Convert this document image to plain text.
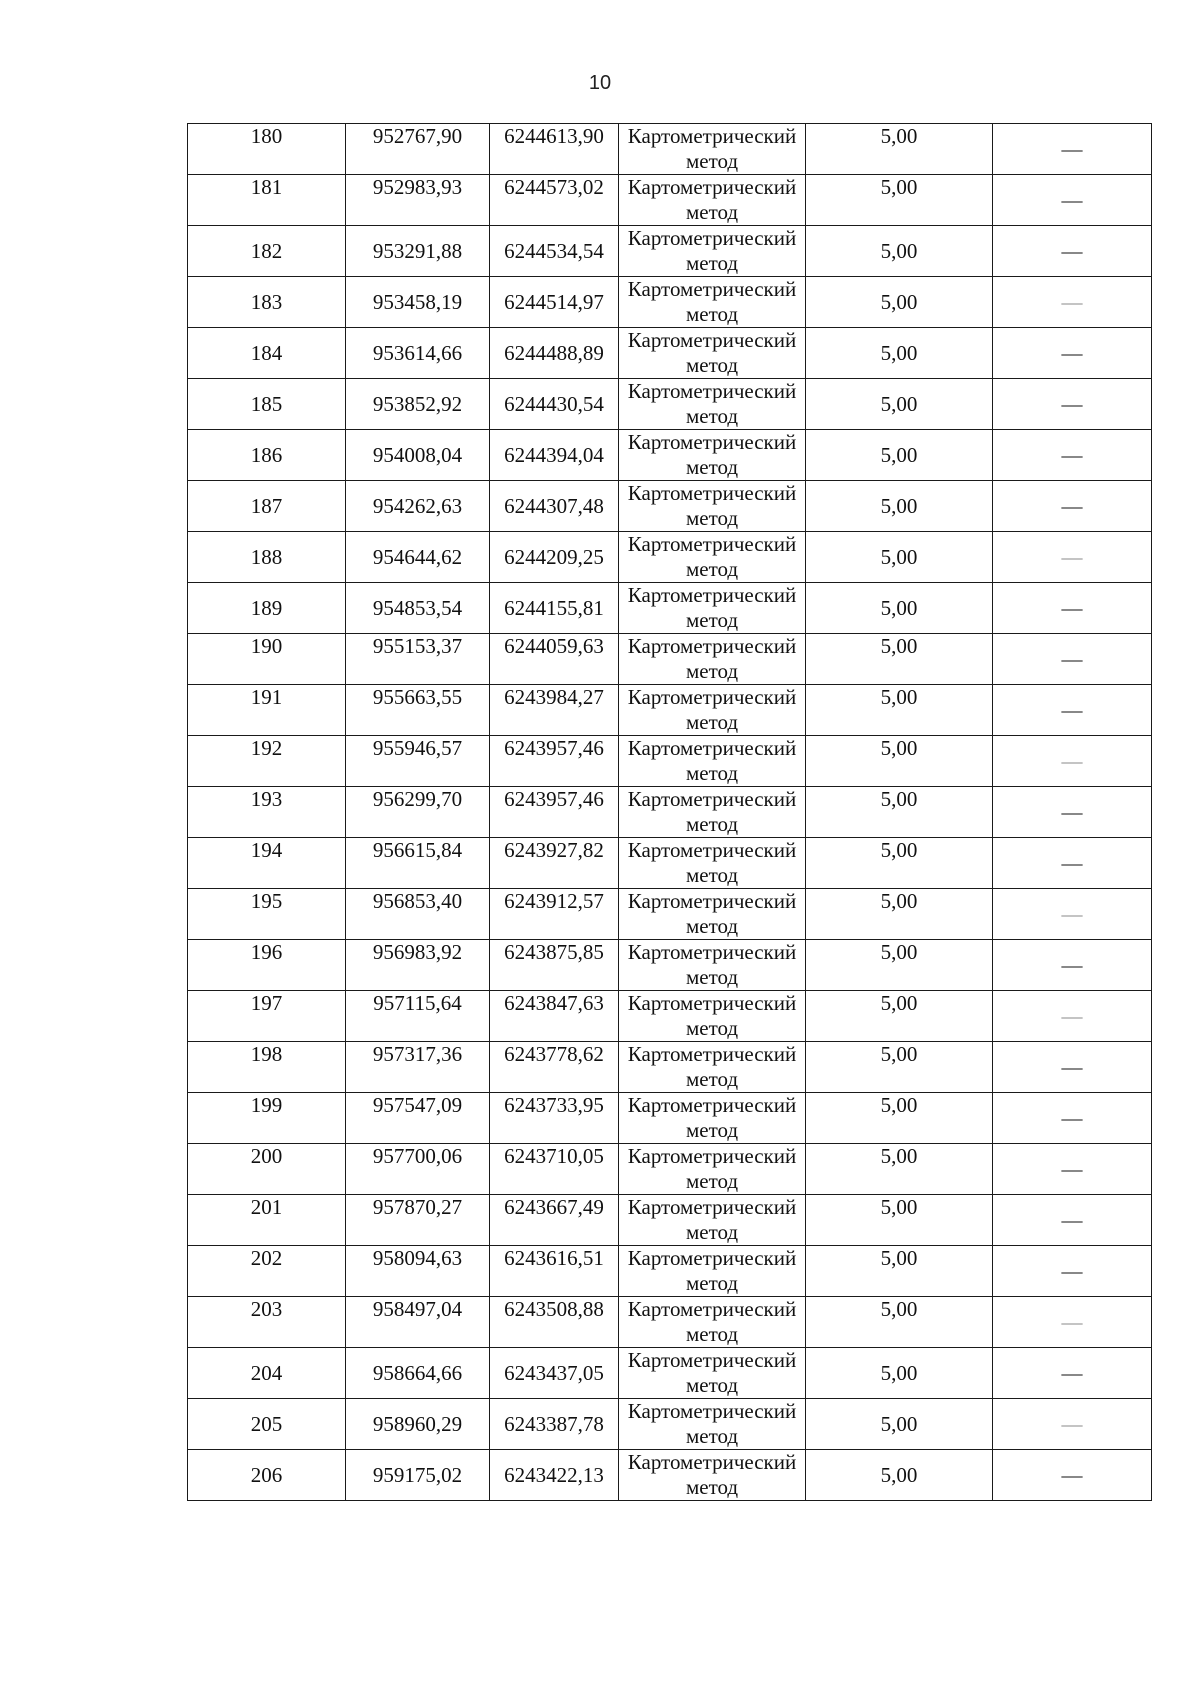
10
180	952767,90	6244613,90	Картометрический
метод	5,00	—
181	952983,93	6244573,02	Картометрический
метод	5,00	—
182	953291,88	6244534,54	Картометрический
метод	5,00	—
183	953458,19	6244514,97	Картометрический
метод	5,00	—
184	953614,66	6244488,89	Картометрический
метод	5,00	—
185	953852,92	6244430,54	Картометрический
метод	5,00	—
186	954008,04	6244394,04	Картометрический
метод	5,00	—
187	954262,63	6244307,48	Картометрический
метод	5,00	—
188	954644,62	6244209,25	Картометрический
метод	5,00	—
189	954853,54	6244155,81	Картометрический
метод	5,00	—
190	955153,37	6244059,63	Картометрический
метод	5,00	—
191	955663,55	6243984,27	Картометрический
метод	5,00	—
192	955946,57	6243957,46	Картометрический
метод	5,00	—
193	956299,70	6243957,46	Картометрический
метод	5,00	—
194	956615,84	6243927,82	Картометрический
метод	5,00	—
195	956853,40	6243912,57	Картометрический
метод	5,00	—
196	956983,92	6243875,85	Картометрический
метод	5,00	—
197	957115,64	6243847,63	Картометрический
метод	5,00	—
198	957317,36	6243778,62	Картометрический
метод	5,00	—
199	957547,09	6243733,95	Картометрический
метод	5,00	—
200	957700,06	6243710,05	Картометрический
метод	5,00	—
201	957870,27	6243667,49	Картометрический
метод	5,00	—
202	958094,63	6243616,51	Картометрический
метод	5,00	—
203	958497,04	6243508,88	Картометрический
метод	5,00	—
204	958664,66	6243437,05	Картометрический
метод	5,00	—
205	958960,29	6243387,78	Картометрический
метод	5,00	—
206	959175,02	6243422,13	Картометрический
метод	5,00	—
